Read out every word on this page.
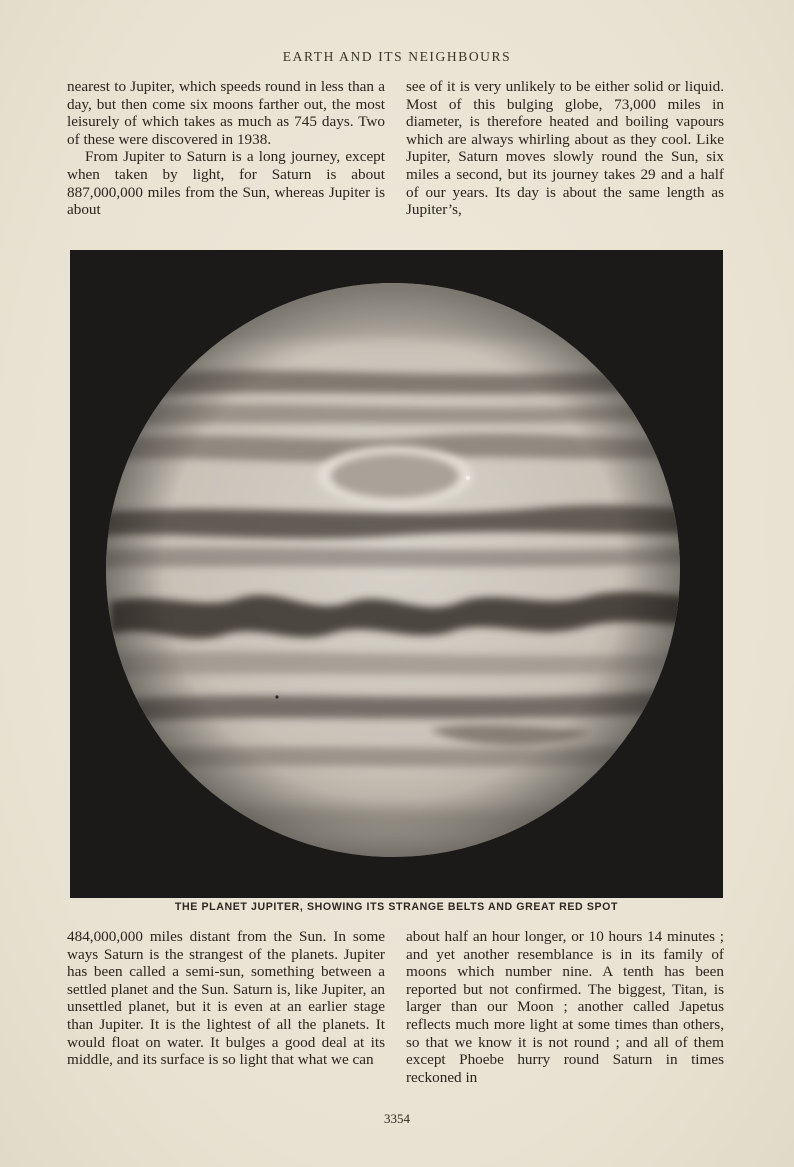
EARTH AND ITS NEIGHBOURS

nearest to Jupiter, which speeds round in less than a day, but then come six moons farther out, the most leisurely of which takes as much as 745 days. Two of these were discovered in 1938.

From Jupiter to Saturn is a long journey, except when taken by light, for Saturn is about 887,000,000 miles from the Sun, whereas Jupiter is about

see of it is very unlikely to be either solid or liquid. Most of this bulging globe, 73,000 miles in diameter, is therefore heated and boiling vapours which are always whirling about as they cool. Like Jupiter, Saturn moves slowly round the Sun, six miles a second, but its journey takes 29 and a half of our years. Its day is about the same length as Jupiter’s,

THE PLANET JUPITER, SHOWING ITS STRANGE BELTS AND GREAT RED SPOT

484,000,000 miles distant from the Sun. In some ways Saturn is the strangest of the planets. Jupiter has been called a semi-sun, something between a settled planet and the Sun. Saturn is, like Jupiter, an unsettled planet, but it is even at an earlier stage than Jupiter. It is the lightest of all the planets. It would float on water. It bulges a good deal at its middle, and its surface is so light that what we can

about half an hour longer, or 10 hours 14 minutes ; and yet another resemblance is in its family of moons which number nine. A tenth has been reported but not confirmed. The biggest, Titan, is larger than our Moon ; another called Japetus reflects much more light at some times than others, so that we know it is not round ; and all of them except Phoebe hurry round Saturn in times reckoned in

3354
